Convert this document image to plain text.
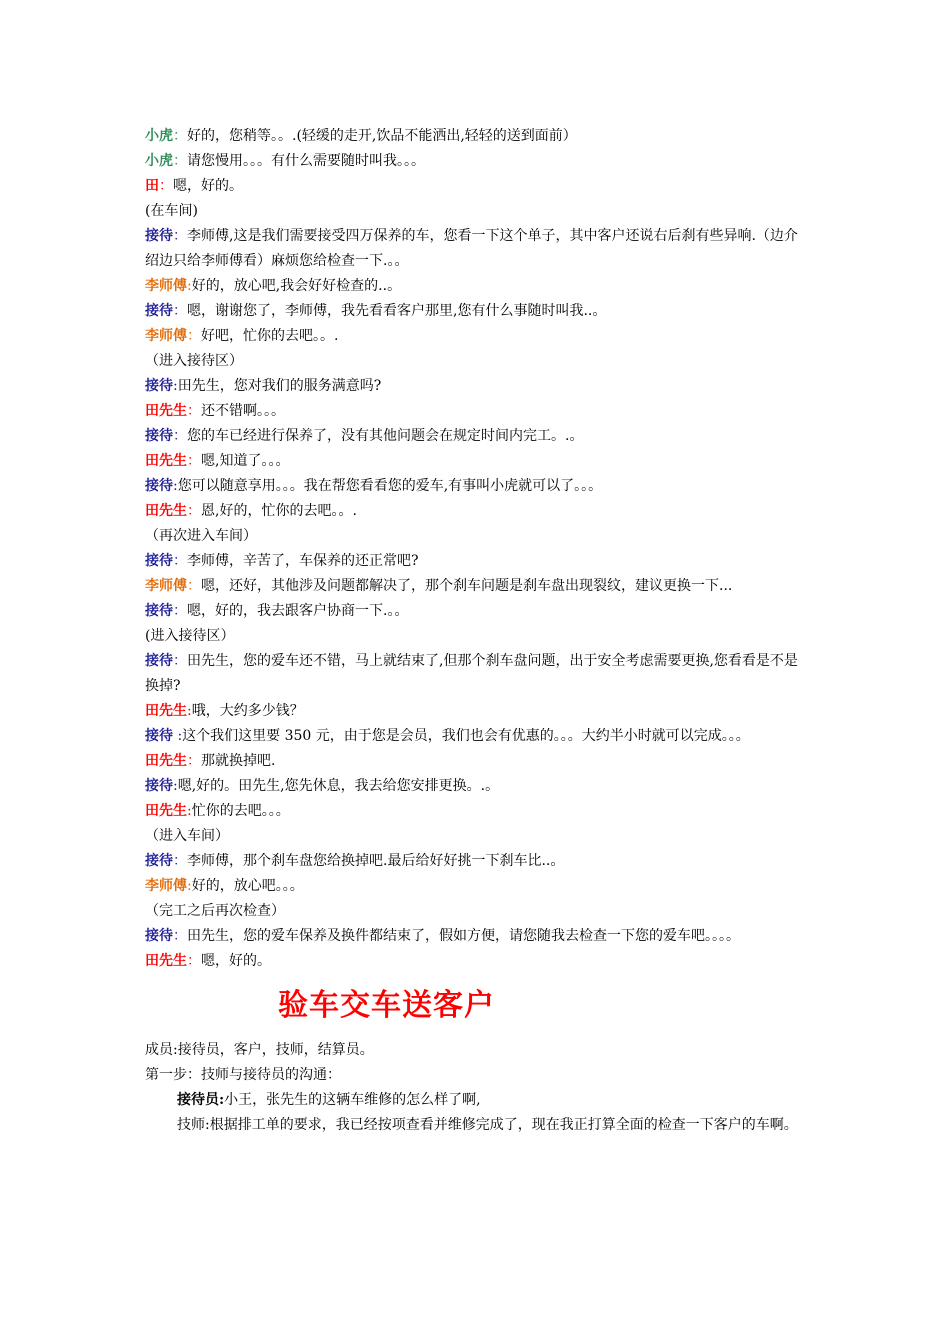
小虎：好的，您稍等。。.(轻缓的走开,饮品不能洒出,轻轻的送到面前）

小虎：请您慢用。。。有什么需要随时叫我。。。

田：嗯，好的。

(在车间)

接待：李师傅,这是我们需要接受四万保养的车，您看一下这个单子，其中客户还说右后刹有些异响.（边介绍边只给李师傅看）麻烦您给检查一下.。。

李师傅:好的，放心吧,我会好好检查的..。

接待：嗯，谢谢您了，李师傅，我先看看客户那里,您有什么事随时叫我..。

李师傅：好吧，忙你的去吧。。.

（进入接待区）

接待:田先生，您对我们的服务满意吗?

田先生：还不错啊。。。

接待：您的车已经进行保养了，没有其他问题会在规定时间内完工。.。

田先生：嗯,知道了。。。

接待:您可以随意享用。。。我在帮您看看您的爱车,有事叫小虎就可以了。。。

田先生：恩,好的，忙你的去吧。。.

（再次进入车间）

接待：李师傅，辛苦了，车保养的还正常吧?

李师傅：嗯，还好，其他涉及问题都解决了，那个刹车问题是刹车盘出现裂纹，建议更换一下...

接待：嗯，好的，我去跟客户协商一下.。。

(进入接待区）

接待：田先生，您的爱车还不错，马上就结束了,但那个刹车盘问题，出于安全考虑需要更换,您看看是不是换掉?

田先生:哦，大约多少钱？

接待 :这个我们这里要 350 元，由于您是会员，我们也会有优惠的。。。大约半小时就可以完成。。。

田先生：那就换掉吧.

接待:嗯,好的。田先生,您先休息，我去给您安排更换。.。

田先生:忙你的去吧。。。

（进入车间）

接待：李师傅，那个刹车盘您给换掉吧.最后给好好挑一下刹车比..。

李师傅:好的，放心吧。。。

（完工之后再次检查）

接待：田先生，您的爱车保养及换件都结束了，假如方便，请您随我去检查一下您的爱车吧。。。。

田先生：嗯，好的。

验车交车送客户

成员:接待员，客户，技师，结算员。

第一步：技师与接待员的沟通：

接待员:小王，张先生的这辆车维修的怎么样了啊,

技师:根据排工单的要求，我已经按项查看并维修完成了，现在我正打算全面的检查一下客户的车啊。
